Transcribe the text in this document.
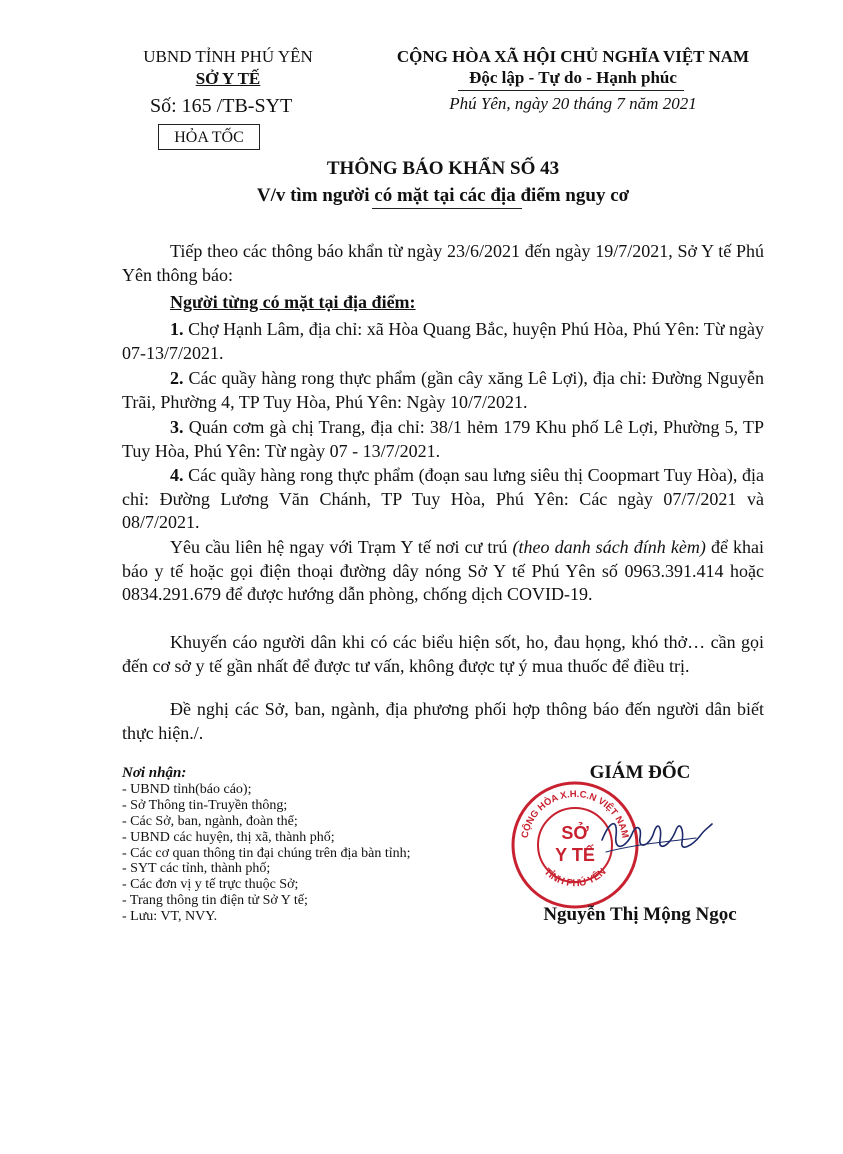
UBND TỈNH PHÚ YÊN
SỞ Y TẾ
Số: 165 /TB-SYT
HỎA TỐC
CỘNG HÒA XÃ HỘI CHỦ NGHĨA VIỆT NAM
Độc lập - Tự do - Hạnh phúc
Phú Yên, ngày 20 tháng 7 năm 2021
THÔNG BÁO KHẨN SỐ 43
V/v tìm người có mặt tại các địa điểm nguy cơ
Tiếp theo các thông báo khẩn từ ngày 23/6/2021 đến ngày 19/7/2021, Sở Y tế Phú Yên thông báo:
Người từng có mặt tại địa điểm:
1. Chợ Hạnh Lâm, địa chỉ: xã Hòa Quang Bắc, huyện Phú Hòa, Phú Yên: Từ ngày 07-13/7/2021.
2. Các quầy hàng rong thực phẩm (gần cây xăng Lê Lợi), địa chỉ: Đường Nguyễn Trãi, Phường 4, TP Tuy Hòa, Phú Yên: Ngày 10/7/2021.
3. Quán cơm gà chị Trang, địa chỉ: 38/1 hẻm 179 Khu phố Lê Lợi, Phường 5, TP Tuy Hòa, Phú Yên: Từ ngày 07 - 13/7/2021.
4. Các quầy hàng rong thực phẩm (đoạn sau lưng siêu thị Coopmart Tuy Hòa), địa chỉ: Đường Lương Văn Chánh, TP Tuy Hòa, Phú Yên: Các ngày 07/7/2021 và 08/7/2021.
Yêu cầu liên hệ ngay với Trạm Y tế nơi cư trú (theo danh sách đính kèm) để khai báo y tế hoặc gọi điện thoại đường dây nóng Sở Y tế Phú Yên số 0963.391.414 hoặc 0834.291.679 để được hướng dẫn phòng, chống dịch COVID-19.
Khuyến cáo người dân khi có các biểu hiện sốt, ho, đau họng, khó thở… cần gọi đến cơ sở y tế gần nhất để được tư vấn, không được tự ý mua thuốc để điều trị.
Đề nghị các Sở, ban, ngành, địa phương phối hợp thông báo đến người dân biết thực hiện./.
Nơi nhận:
- UBND tỉnh(báo cáo);
- Sở Thông tin-Truyền thông;
- Các Sở, ban, ngành, đoàn thể;
- UBND các huyện, thị xã, thành phố;
- Các cơ quan thông tin đại chúng trên địa bàn tỉnh;
- SYT các tỉnh, thành phố;
- Các đơn vị y tế trực thuộc Sở;
- Trang thông tin điện tử Sở Y tế;
- Lưu: VT, NVY.
GIÁM ĐỐC
CỘNG HÒA X.H.C.N VIỆT NAM
TỈNH PHÚ YÊN
SỞ
Y TẾ
Nguyễn Thị Mộng Ngọc
